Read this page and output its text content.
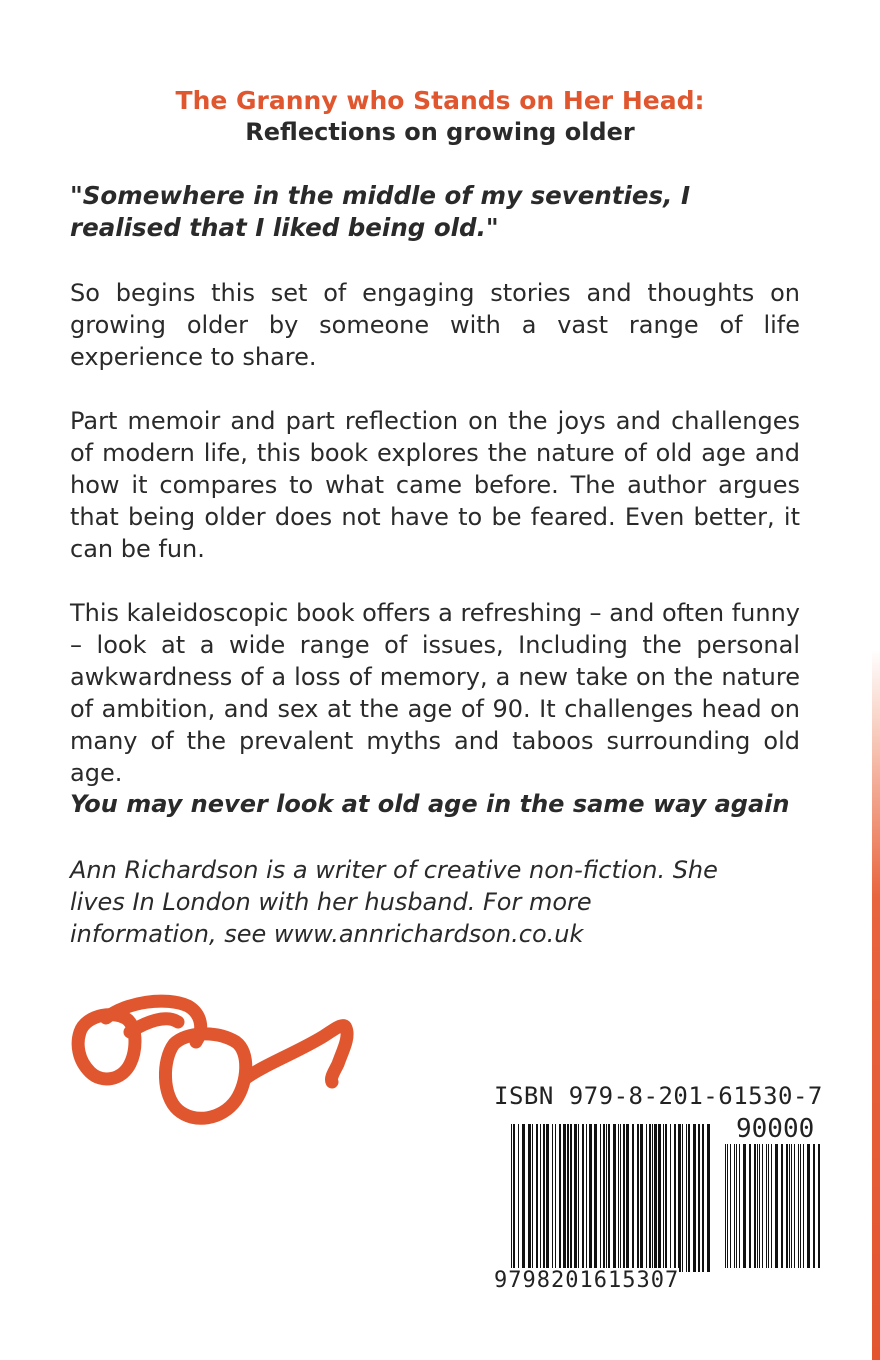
The Granny who Stands on Her Head:
Reflections on growing older
"Somewhere in the middle of my seventies, I realised that I liked being old."
So begins this set of engaging stories and thoughts on growing older by someone with a vast range of life experience to share.
Part memoir and part reflection on the joys and challenges of modern life, this book explores the nature of old age and how it compares to what came before. The author argues that being older does not have to be feared. Even better, it can be fun.
This kaleidoscopic book offers a refreshing – and often funny – look at a wide range of issues, Including the personal awkwardness of a loss of memory, a new take on the nature of ambition, and sex at the age of 90. It challenges head on many of the prevalent myths and taboos surrounding old age.
You may never look at old age in the same way again
Ann Richardson is a writer of creative non-fiction. She lives In London with her husband. For more information, see www.annrichardson.co.uk
ISBN 979-8-201-61530-7
90000
9798201615307
